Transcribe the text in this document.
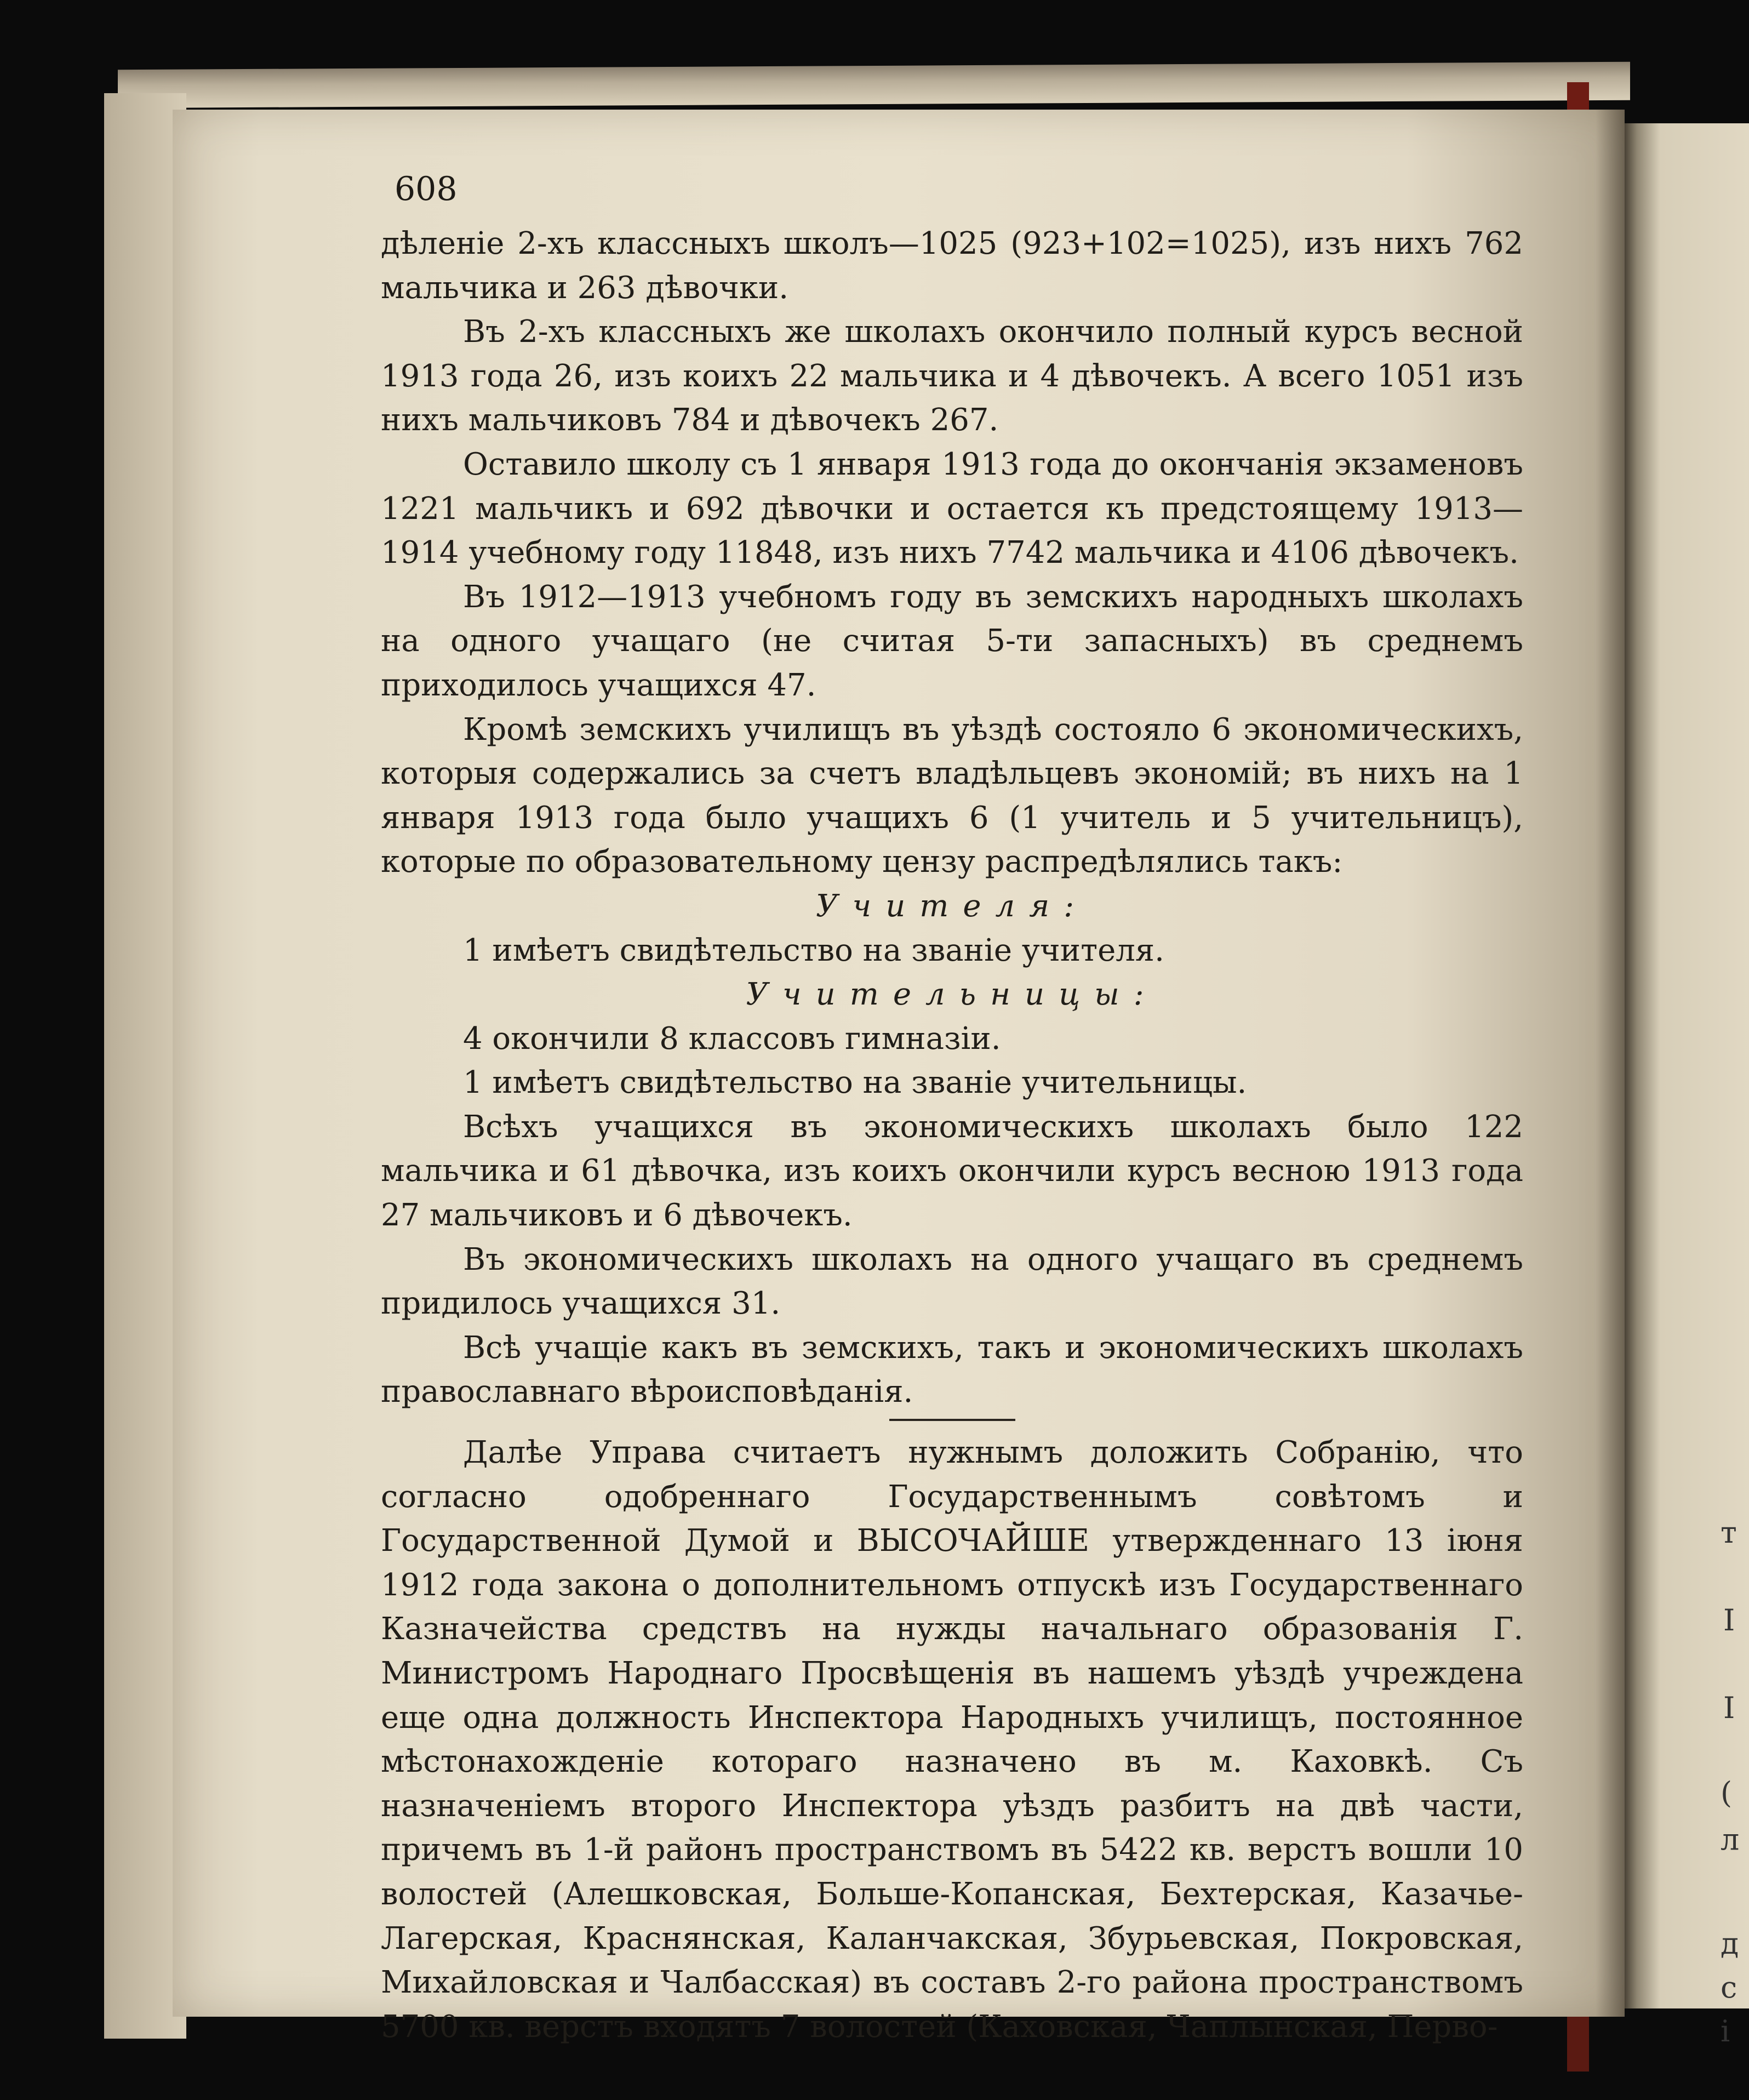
т
І
І
(
л
д
с
і
608

дѣленіе 2-хъ классныхъ школъ—1025 (923+102=1025), изъ нихъ 762 мальчика и 263 дѣвочки.

Въ 2-хъ классныхъ же школахъ окончило полный курсъ весной 1913 года 26, изъ коихъ 22 мальчика и 4 дѣвочекъ. А всего 1051 изъ нихъ мальчиковъ 784 и дѣвочекъ 267.

Оставило школу съ 1 января 1913 года до окончанія экзаменовъ 1221 мальчикъ и 692 дѣвочки и остается къ предстоящему 1913—1914 учебному году 11848, изъ нихъ 7742 мальчика и 4106 дѣвочекъ.

Въ 1912—1913 учебномъ году въ земскихъ народныхъ школахъ на одного учащаго (не считая 5-ти запасныхъ) въ среднемъ приходилось учащихся 47.

Кромѣ земскихъ училищъ въ уѣздѣ состояло 6 экономическихъ, которыя содержались за счетъ владѣльцевъ экономій; въ нихъ на 1 января 1913 года было учащихъ 6 (1 учитель и 5 учительницъ), которые по образовательному цензу распредѣлялись такъ:

Учителя:

1 имѣетъ свидѣтельство на званіе учителя.

Учительницы:

4 окончили 8 классовъ гимназіи.

1 имѣетъ свидѣтельство на званіе учительницы.

Всѣхъ учащихся въ экономическихъ школахъ было 122 мальчика и 61 дѣвочка, изъ коихъ окончили курсъ весною 1913 года 27 мальчиковъ и 6 дѣвочекъ.

Въ экономическихъ школахъ на одного учащаго въ среднемъ придилось учащихся 31.

Всѣ учащіе какъ въ земскихъ, такъ и экономическихъ школахъ православнаго вѣроисповѣданія.

Далѣе Управа считаетъ нужнымъ доложить Собранію, что согласно одобреннаго Государственнымъ совѣтомъ и Государственной Думой и ВЫСОЧАЙШЕ утвержденнаго 13 іюня 1912 года закона о дополнительномъ отпускѣ изъ Государственнаго Казначейства средствъ на нужды начальнаго образованія Г. Министромъ Народнаго Просвѣщенія въ нашемъ уѣздѣ учреждена еще одна должность Инспектора Народныхъ училищъ, постоянное мѣстонахожденіе котораго назначено въ м. Каховкѣ. Съ назначеніемъ второго Инспектора уѣздъ разбитъ на двѣ части, причемъ въ 1-й районъ пространствомъ въ 5422 кв. верстъ вошли 10 волостей (Алешковская, Больше-Копанская, Бехтерская, Казачье-Лагерская, Краснянская, Каланчакская, Збурьевская, Покровская, Михайловская и Чалбасская) въ составъ 2-го района пространствомъ 5700 кв. верстъ входятъ 7 волостей (Каховская, Чаплынская, Перво-
